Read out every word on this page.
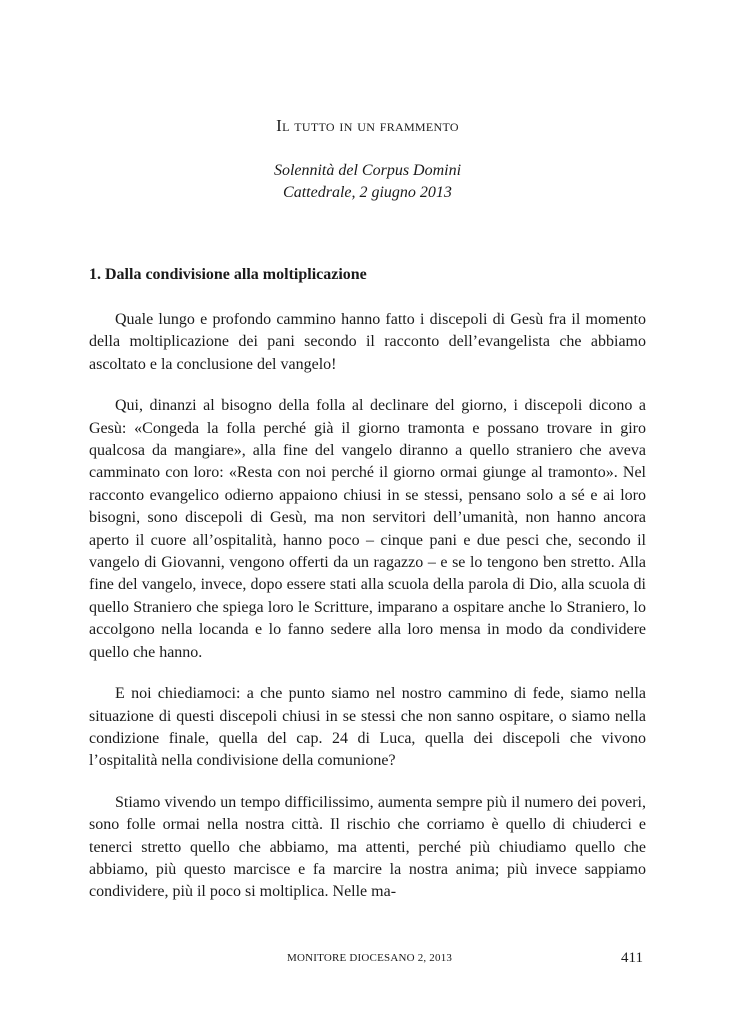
Il tutto in un frammento

Solennità del Corpus Domini

Cattedrale, 2 giugno 2013

1. Dalla condivisione alla moltiplicazione

Quale lungo e profondo cammino hanno fatto i discepoli di Gesù fra il momento della moltiplicazione dei pani secondo il racconto dell’evangelista che abbiamo ascoltato e la conclusione del vangelo!

Qui, dinanzi al bisogno della folla al declinare del giorno, i discepoli dicono a Gesù: «Congeda la folla perché già il giorno tramonta e possano trovare in giro qualcosa da mangiare», alla fine del vangelo diranno a quello straniero che aveva camminato con loro: «Resta con noi perché il giorno ormai giunge al tramonto». Nel racconto evangelico odierno appaiono chiusi in se stessi, pensano solo a sé e ai loro bisogni, sono discepoli di Gesù, ma non servitori dell’umanità, non hanno ancora aperto il cuore all’ospitalità, hanno poco – cinque pani e due pesci che, secondo il vangelo di Giovanni, vengono offerti da un ragazzo – e se lo tengono ben stretto. Alla fine del vangelo, invece, dopo essere stati alla scuola della parola di Dio, alla scuola di quello Straniero che spiega loro le Scritture, imparano a ospitare anche lo Straniero, lo accolgono nella locanda e lo fanno sedere alla loro mensa in modo da condividere quello che hanno.

E noi chiediamoci: a che punto siamo nel nostro cammino di fede, siamo nella situazione di questi discepoli chiusi in se stessi che non sanno ospitare, o siamo nella condizione finale, quella del cap. 24 di Luca, quella dei discepoli che vivono l’ospitalità nella condivisione della comunione?

Stiamo vivendo un tempo difficilissimo, aumenta sempre più il numero dei poveri, sono folle ormai nella nostra città. Il rischio che corriamo è quello di chiuderci e tenerci stretto quello che abbiamo, ma attenti, perché più chiudiamo quello che abbiamo, più questo marcisce e fa marcire la nostra anima; più invece sappiamo condividere, più il poco si moltiplica. Nelle ma-

MONITORE DIOCESANO 2, 2013	411
